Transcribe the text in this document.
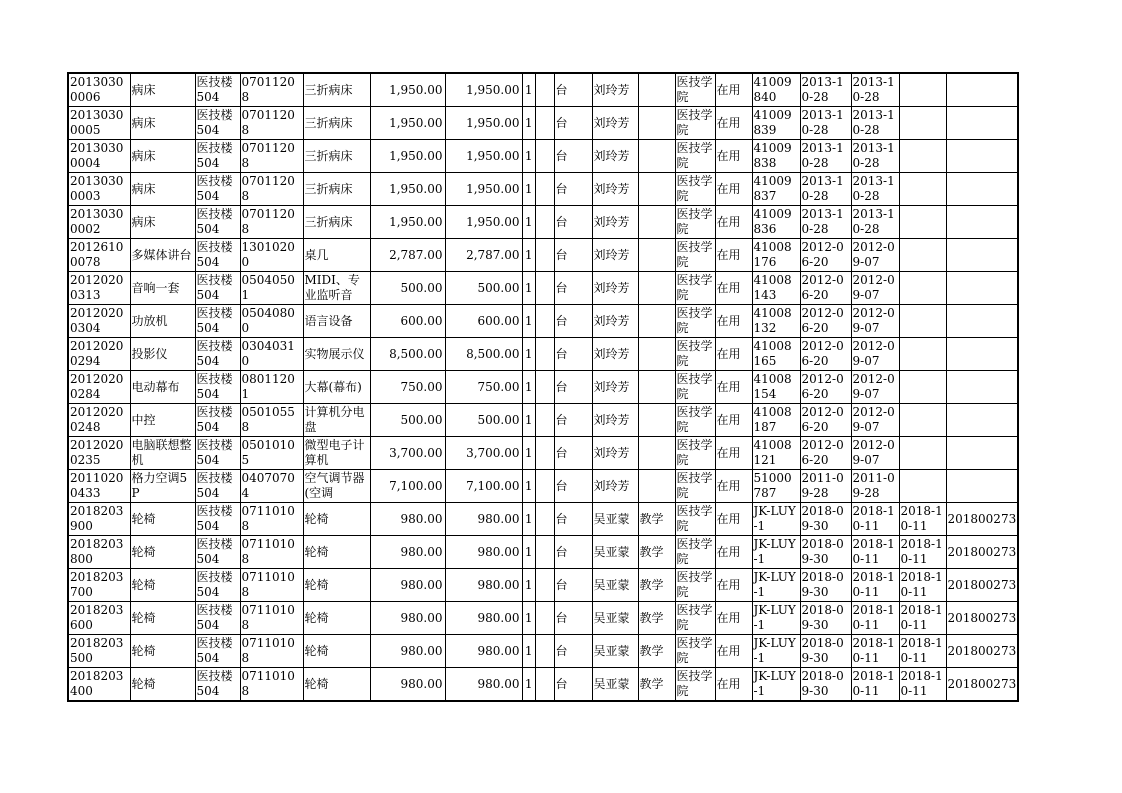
20130300006	病床	医技楼504	07011208	三折病床	1,950.00	1,950.00	1		台	刘玲芳		医技学院	在用	41009840	2013-10-28	2013-10-28		
20130300005	病床	医技楼504	07011208	三折病床	1,950.00	1,950.00	1		台	刘玲芳		医技学院	在用	41009839	2013-10-28	2013-10-28		
20130300004	病床	医技楼504	07011208	三折病床	1,950.00	1,950.00	1		台	刘玲芳		医技学院	在用	41009838	2013-10-28	2013-10-28		
20130300003	病床	医技楼504	07011208	三折病床	1,950.00	1,950.00	1		台	刘玲芳		医技学院	在用	41009837	2013-10-28	2013-10-28		
20130300002	病床	医技楼504	07011208	三折病床	1,950.00	1,950.00	1		台	刘玲芳		医技学院	在用	41009836	2013-10-28	2013-10-28		
20126100078	多媒体讲台	医技楼504	13010200	桌几	2,787.00	2,787.00	1		台	刘玲芳		医技学院	在用	41008176	2012-06-20	2012-09-07		
20120200313	音响一套	医技楼504	05040501	MIDI、专业监听音	500.00	500.00	1		台	刘玲芳		医技学院	在用	41008143	2012-06-20	2012-09-07		
20120200304	功放机	医技楼504	05040800	语言设备	600.00	600.00	1		台	刘玲芳		医技学院	在用	41008132	2012-06-20	2012-09-07		
20120200294	投影仪	医技楼504	03040310	实物展示仪	8,500.00	8,500.00	1		台	刘玲芳		医技学院	在用	41008165	2012-06-20	2012-09-07		
20120200284	电动幕布	医技楼504	08011201	大幕(幕布)	750.00	750.00	1		台	刘玲芳		医技学院	在用	41008154	2012-06-20	2012-09-07		
20120200248	中控	医技楼504	05010558	计算机分电盘	500.00	500.00	1		台	刘玲芳		医技学院	在用	41008187	2012-06-20	2012-09-07		
20120200235	电脑联想整机	医技楼504	05010105	微型电子计算机	3,700.00	3,700.00	1		台	刘玲芳		医技学院	在用	41008121	2012-06-20	2012-09-07		
20110200433	格力空调5P	医技楼504	04070704	空气调节器(空调	7,100.00	7,100.00	1		台	刘玲芳		医技学院	在用	51000787	2011-09-28	2011-09-28		
2018203900	轮椅	医技楼504	07110108	轮椅	980.00	980.00	1		台	吴亚蒙	教学	医技学院	在用	JK-LUY-1	2018-09-30	2018-10-11	2018-10-11	201800273
2018203800	轮椅	医技楼504	07110108	轮椅	980.00	980.00	1		台	吴亚蒙	教学	医技学院	在用	JK-LUY-1	2018-09-30	2018-10-11	2018-10-11	201800273
2018203700	轮椅	医技楼504	07110108	轮椅	980.00	980.00	1		台	吴亚蒙	教学	医技学院	在用	JK-LUY-1	2018-09-30	2018-10-11	2018-10-11	201800273
2018203600	轮椅	医技楼504	07110108	轮椅	980.00	980.00	1		台	吴亚蒙	教学	医技学院	在用	JK-LUY-1	2018-09-30	2018-10-11	2018-10-11	201800273
2018203500	轮椅	医技楼504	07110108	轮椅	980.00	980.00	1		台	吴亚蒙	教学	医技学院	在用	JK-LUY-1	2018-09-30	2018-10-11	2018-10-11	201800273
2018203400	轮椅	医技楼504	07110108	轮椅	980.00	980.00	1		台	吴亚蒙	教学	医技学院	在用	JK-LUY-1	2018-09-30	2018-10-11	2018-10-11	201800273
